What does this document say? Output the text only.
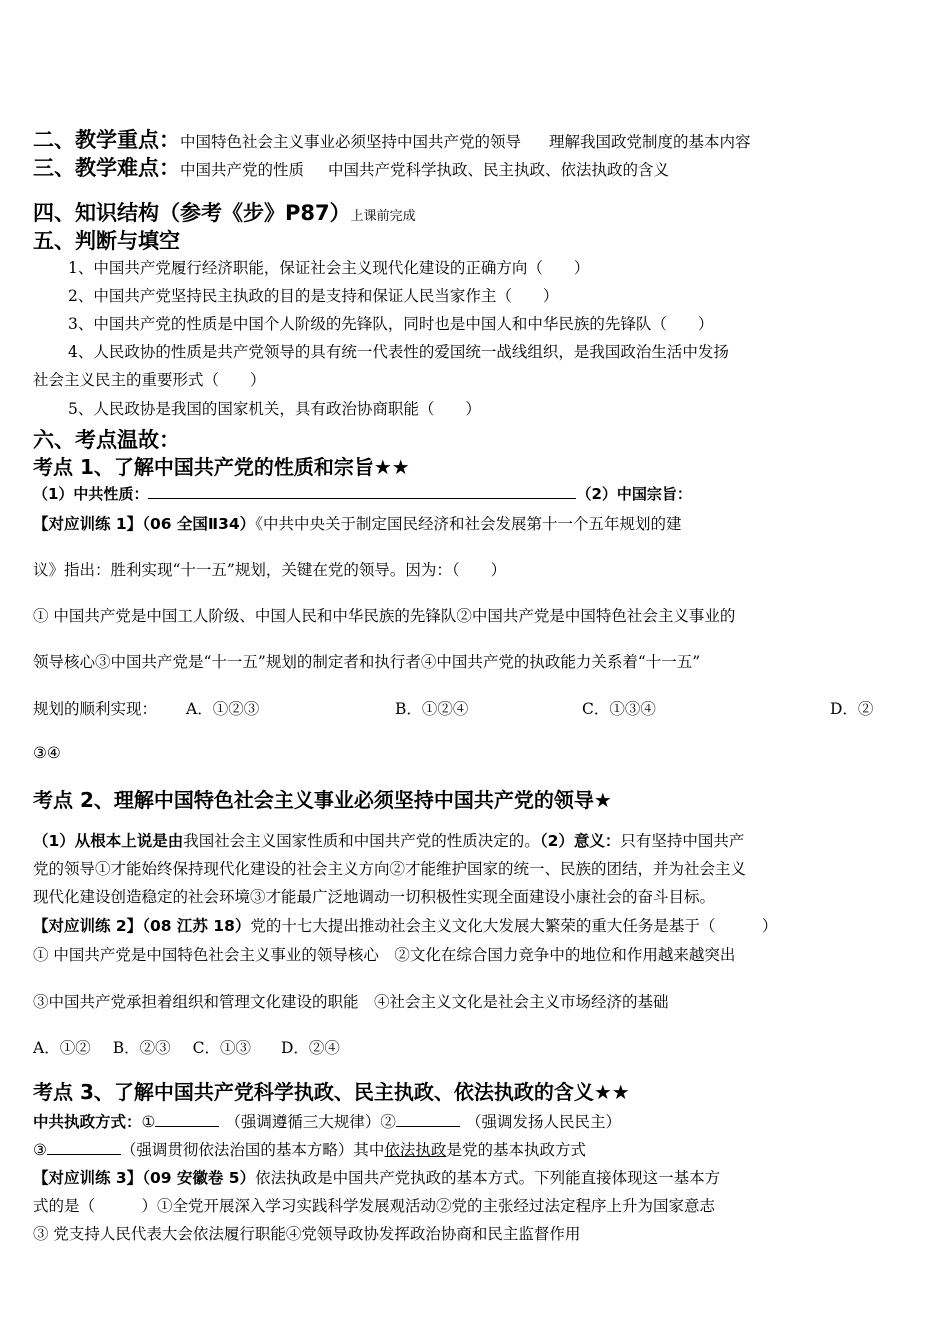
二、教学重点：中国特色社会主义事业必须坚持中国共产党的领导 理解我国政党制度的基本内容
三、教学难点：中国共产党的性质 中国共产党科学执政、民主执政、依法执政的含义
四、知识结构（参考《步》P87）上课前完成
五、判断与填空
1、中国共产党履行经济职能，保证社会主义现代化建设的正确方向（　　）
2、中国共产党坚持民主执政的目的是支持和保证人民当家作主（　　）
3、中国共产党的性质是中国个人阶级的先锋队，同时也是中国人和中华民族的先锋队（　　）
4、人民政协的性质是共产党领导的具有统一代表性的爱国统一战线组织，是我国政治生活中发扬
社会主义民主的重要形式（　　）
5、人民政协是我国的国家机关，具有政治协商职能（　　）
六、考点温故：
考点 1、了解中国共产党的性质和宗旨★★
（1）中共性质：	（2）中国宗旨：
【对应训练 1】（06 全国Ⅱ34）《中共中央关于制定国民经济和社会发展第十一个五年规划的建
议》指出：胜利实现“十一五”规划，关键在党的领导。因为：（　　）
① 中国共产党是中国工人阶级、中国人民和中华民族的先锋队②中国共产党是中国特色社会主义事业的
领导核心③中国共产党是“十一五”规划的制定者和执行者④中国共产党的执政能力关系着“十一五”
规划的顺利实现： A．①②③	B．①②④	C．①③④	D．②
③④
考点 2、理解中国特色社会主义事业必须坚持中国共产党的领导★
（1）从根本上说是由我国社会主义国家性质和中国共产党的性质决定的。（2）意义：只有坚持中国共产
党的领导①才能始终保持现代化建设的社会主义方向②才能维护国家的统一、民族的团结，并为社会主义
现代化建设创造稳定的社会环境③才能最广泛地调动一切积极性实现全面建设小康社会的奋斗目标。
【对应训练 2】（08 江苏 18）党的十七大提出推动社会主义文化大发展大繁荣的重大任务是基于（　　　）
① 中国共产党是中国特色社会主义事业的领导核心　②文化在综合国力竞争中的地位和作用越来越突出
③中国共产党承担着组织和管理文化建设的职能　④社会主义文化是社会主义市场经济的基础
A．①② B．②③ C．①③ D．②④
考点 3、了解中国共产党科学执政、民主执政、依法执政的含义★★
中共执政方式：①	（强调遵循三大规律）②	（强调发扬人民民主）
③	（强调贯彻依法治国的基本方略）其中依法执政是党的基本执政方式
【对应训练 3】（09 安徽卷 5）依法执政是中国共产党执政的基本方式。下列能直接体现这一基本方
式的是（　　　）①全党开展深入学习实践科学发展观活动②党的主张经过法定程序上升为国家意志
③ 党支持人民代表大会依法履行职能④党领导政协发挥政治协商和民主监督作用
